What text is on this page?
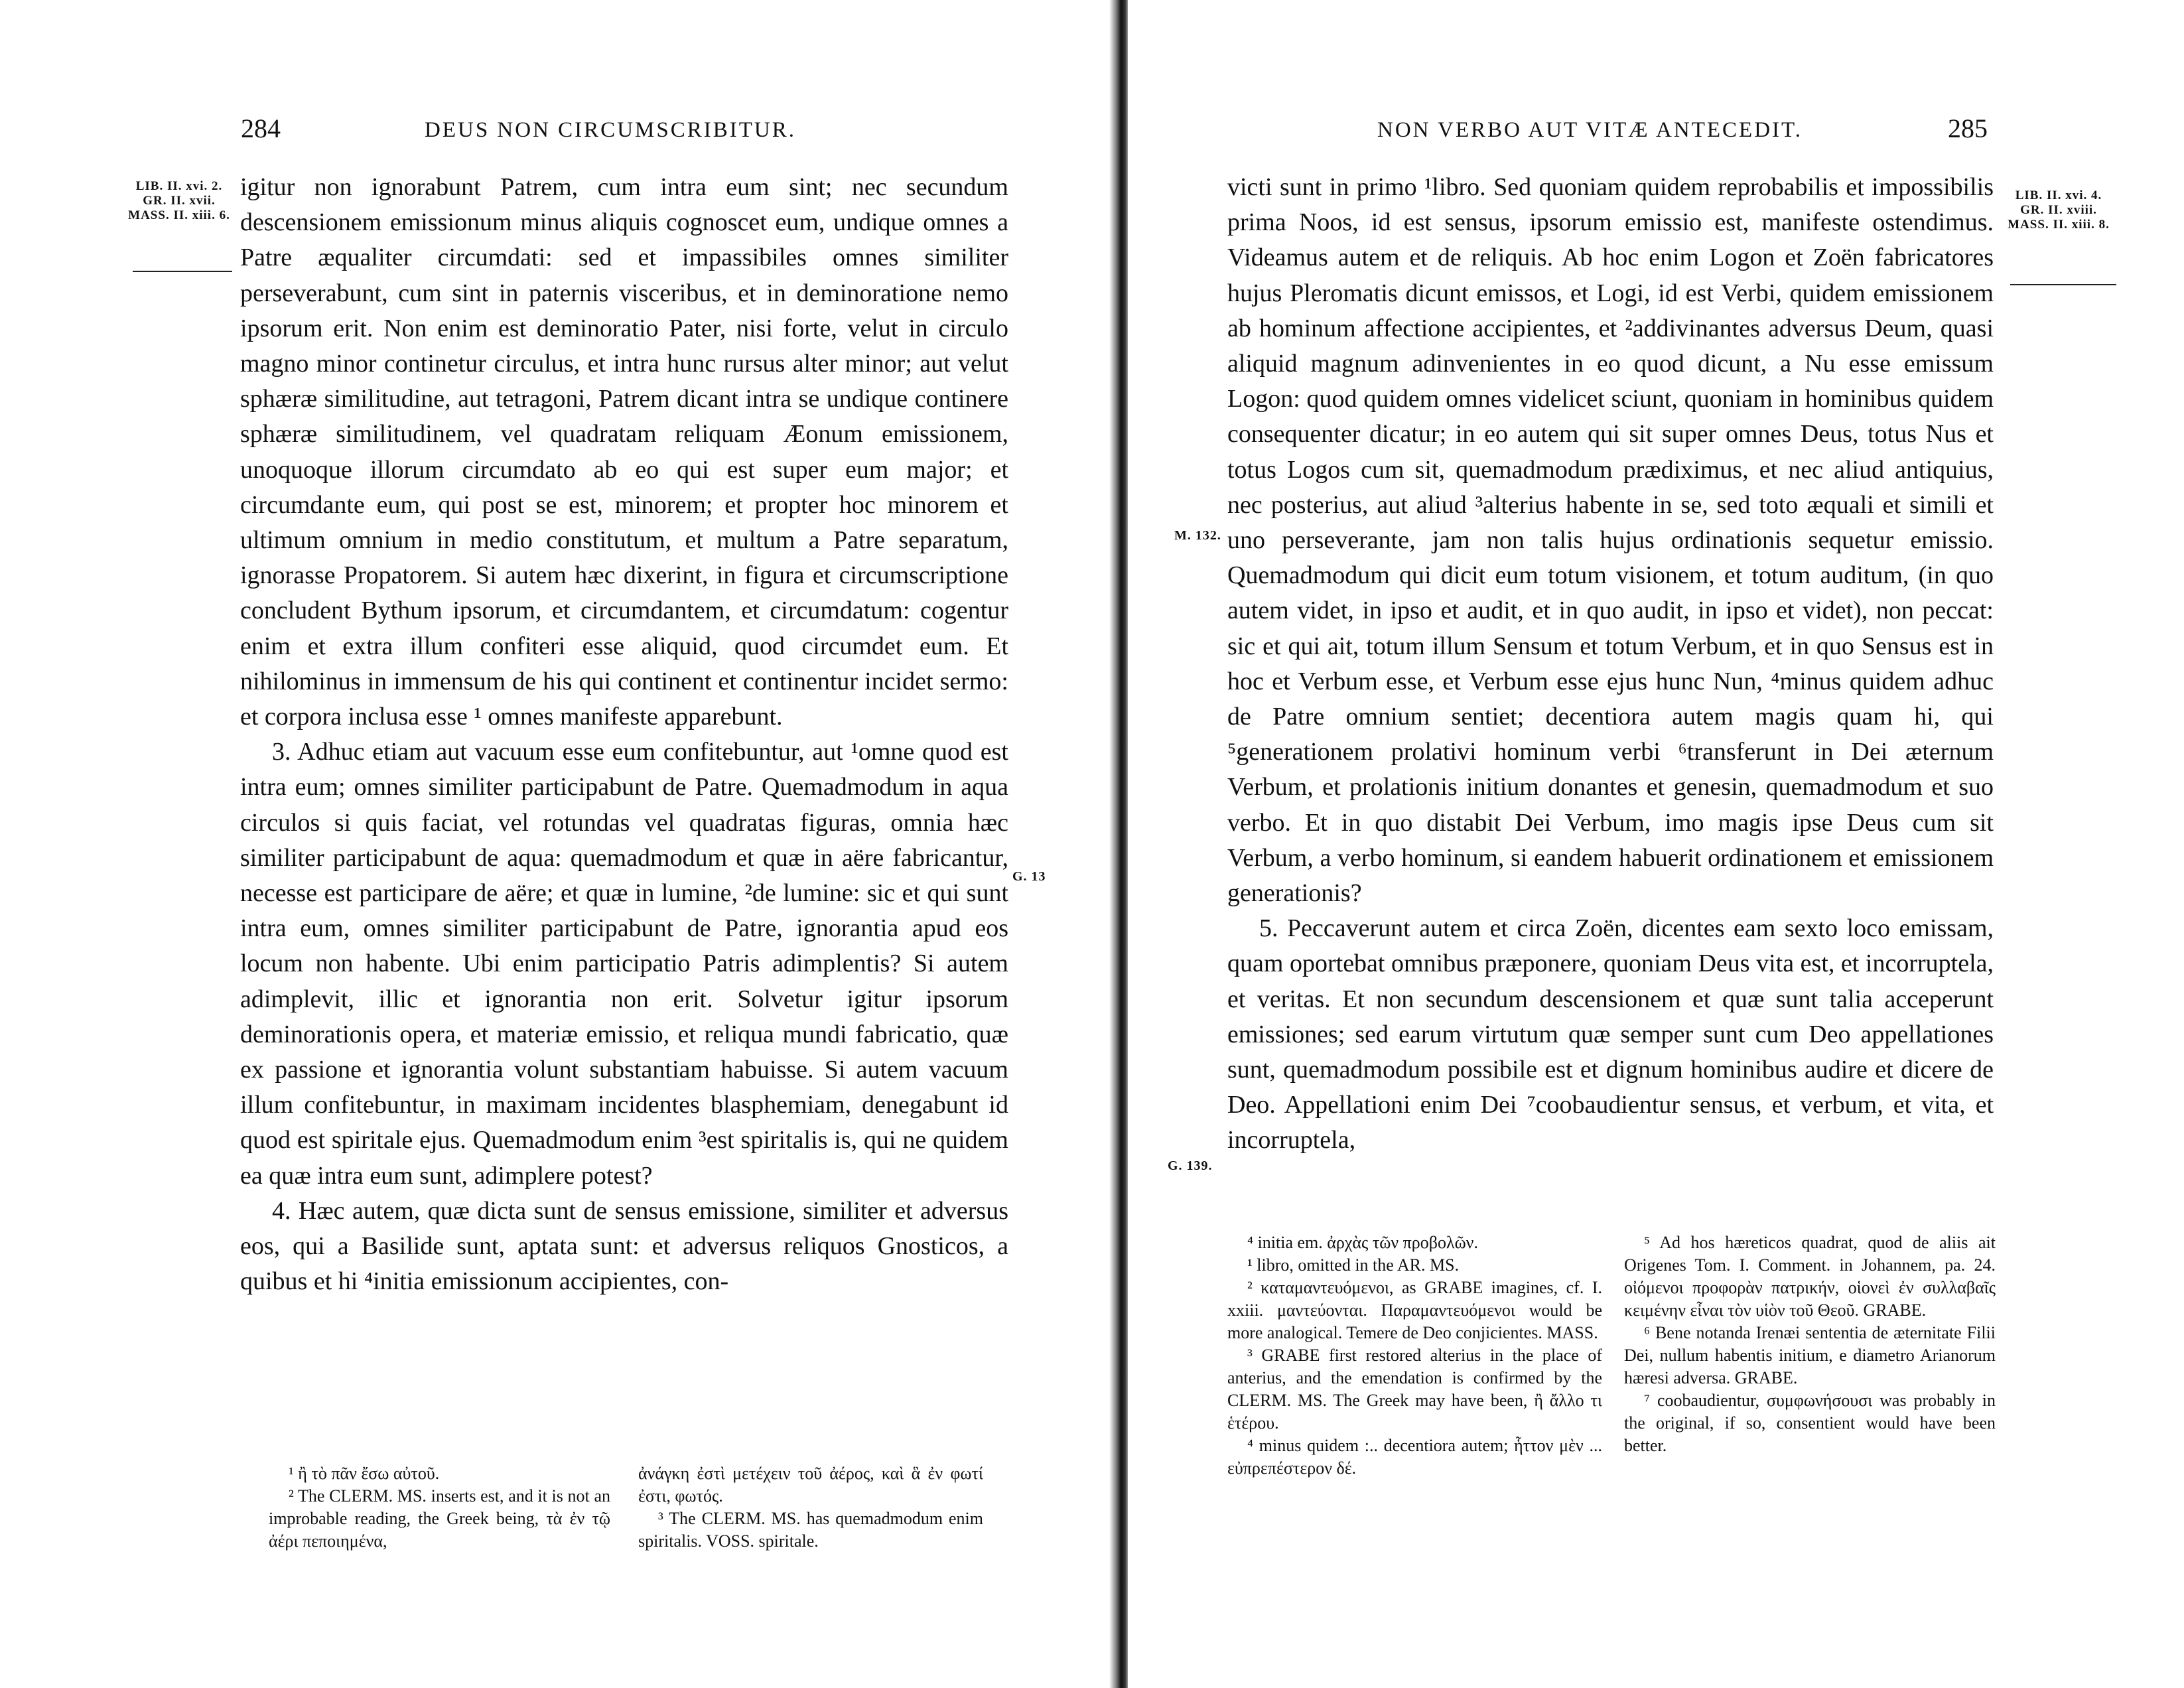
284	DEUS NON CIRCUMSCRIBITUR.
LIB. II. xvi. 2.
GR. II. xvii.
MASS. II. xiii. 6.

igitur non ignorabunt Patrem, cum intra eum sint; nec secundum descensionem emissionum minus aliquis cognoscet eum, undique omnes a Patre æqualiter circumdati: sed et impassibiles omnes similiter perseverabunt, cum sint in paternis visceribus, et in deminoratione nemo ipsorum erit. Non enim est deminoratio Pater, nisi forte, velut in circulo magno minor continetur circulus, et intra hunc rursus alter minor; aut velut sphæræ similitudine, aut tetragoni, Patrem dicant intra se undique continere sphæræ similitudinem, vel quadratam reliquam Æonum emissionem, unoquoque illorum circumdato ab eo qui est super eum major; et circumdante eum, qui post se est, minorem; et propter hoc minorem et ultimum omnium in medio constitutum, et multum a Patre separatum, ignorasse Propatorem. Si autem hæc dixerint, in figura et circumscriptione concludent Bythum ipsorum, et circumdantem, et circumdatum: cogentur enim et extra illum confiteri esse aliquid, quod circumdet eum. Et nihilominus in immensum de his qui continent et continentur incidet sermo: et corpora inclusa esse ¹ omnes manifeste apparebunt.

3. Adhuc etiam aut vacuum esse eum confitebuntur, aut ¹omne quod est intra eum; omnes similiter participabunt de Patre. Quemadmodum in aqua circulos si quis faciat, vel rotundas vel quadratas figuras, omnia hæc similiter participabunt de aqua: quemadmodum et quæ in aëre fabricantur, necesse est participare de aëre; et quæ in lumine, ²de lumine: sic et qui sunt intra eum, omnes similiter participabunt de Patre, ignorantia apud eos locum non habente. Ubi enim participatio Patris adimplentis? Si autem adimplevit, illic et ignorantia non erit. Solvetur igitur ipsorum deminorationis opera, et materiæ emissio, et reliqua mundi fabricatio, quæ ex passione et ignorantia volunt substantiam habuisse. Si autem vacuum illum confitebuntur, in maximam incidentes blasphemiam, denegabunt id quod est spiritale ejus. Quemadmodum enim ³est spiritalis is, qui ne quidem ea quæ intra eum sunt, adimplere potest?

4. Hæc autem, quæ dicta sunt de sensus emissione, similiter et adversus eos, qui a Basilide sunt, aptata sunt: et adversus reliquos Gnosticos, a quibus et hi ⁴initia emissionum accipientes, con-

G. 13

¹ ἢ τὸ πᾶν ἔσω αὐτοῦ.

² The CLERM. MS. inserts est, and it is not an improbable reading, the Greek being, τὰ ἐν τῷ ἀέρι πεποιημένα,

ἀνάγκη ἐστὶ μετέχειν τοῦ ἀέρος, καὶ ἃ ἐν φωτί ἐστι, φωτός.

³ The CLERM. MS. has quemadmodum enim spiritalis. VOSS. spiritale.

NON VERBO AUT VITÆ ANTECEDIT.	285

victi sunt in primo ¹libro. Sed quoniam quidem reprobabilis et impossibilis prima Noos, id est sensus, ipsorum emissio est, manifeste ostendimus. Videamus autem et de reliquis. Ab hoc enim Logon et Zoën fabricatores hujus Pleromatis dicunt emissos, et Logi, id est Verbi, quidem emissionem ab hominum affectione accipientes, et ²addivinantes adversus Deum, quasi aliquid magnum adinvenientes in eo quod dicunt, a Nu esse emissum Logon: quod quidem omnes videlicet sciunt, quoniam in hominibus quidem consequenter dicatur; in eo autem qui sit super omnes Deus, totus Nus et totus Logos cum sit, quemadmodum prædiximus, et nec aliud antiquius, nec posterius, aut aliud ³alterius habente in se, sed toto æquali et simili et uno perseverante, jam non talis hujus ordinationis sequetur emissio. Quemadmodum qui dicit eum totum visionem, et totum auditum, (in quo autem videt, in ipso et audit, et in quo audit, in ipso et videt), non peccat: sic et qui ait, totum illum Sensum et totum Verbum, et in quo Sensus est in hoc et Verbum esse, et Verbum esse ejus hunc Nun, ⁴minus quidem adhuc de Patre omnium sentiet; decentiora autem magis quam hi, qui ⁵generationem prolativi hominum verbi ⁶transferunt in Dei æternum Verbum, et prolationis initium donantes et genesin, quemadmodum et suo verbo. Et in quo distabit Dei Verbum, imo magis ipse Deus cum sit Verbum, a verbo hominum, si eandem habuerit ordinationem et emissionem generationis?

5. Peccaverunt autem et circa Zoën, dicentes eam sexto loco emissam, quam oportebat omnibus præponere, quoniam Deus vita est, et incorruptela, et veritas. Et non secundum descensionem et quæ sunt talia acceperunt emissiones; sed earum virtutum quæ semper sunt cum Deo appellationes sunt, quemadmodum possibile est et dignum hominibus audire et dicere de Deo. Appellationi enim Dei ⁷coobaudientur sensus, et verbum, et vita, et incorruptela,

LIB. II. xvi. 4.
GR. II. xviii.
MASS. II. xiii. 8.
M. 132.
G. 139.

⁴ initia em. ἀρχὰς τῶν προβολῶν.

¹ libro, omitted in the AR. MS.

² καταμαντευόμενοι, as GRABE imagines, cf. I. xxiii. μαντεύονται. Παραμαντευόμενοι would be more analogical. Temere de Deo conjicientes. MASS.

³ GRABE first restored alterius in the place of anterius, and the emendation is confirmed by the CLERM. MS. The Greek may have been, ἢ ἄλλο τι ἑτέρου.

⁴ minus quidem :.. decentiora autem; ἧττον μὲν ... εὐπρεπέστερον δέ.

⁵ Ad hos hæreticos quadrat, quod de aliis ait Origenes Tom. I. Comment. in Johannem, pa. 24. οἰόμενοι προφορὰν πατρικήν, οἱονεὶ ἐν συλλαβαῖς κειμένην εἶναι τὸν υἱὸν τοῦ Θεοῦ. GRABE.

⁶ Bene notanda Irenæi sententia de æternitate Filii Dei, nullum habentis initium, e diametro Arianorum hæresi adversa. GRABE.

⁷ coobaudientur, συμφωνήσουσι was probably in the original, if so, consentient would have been better.
